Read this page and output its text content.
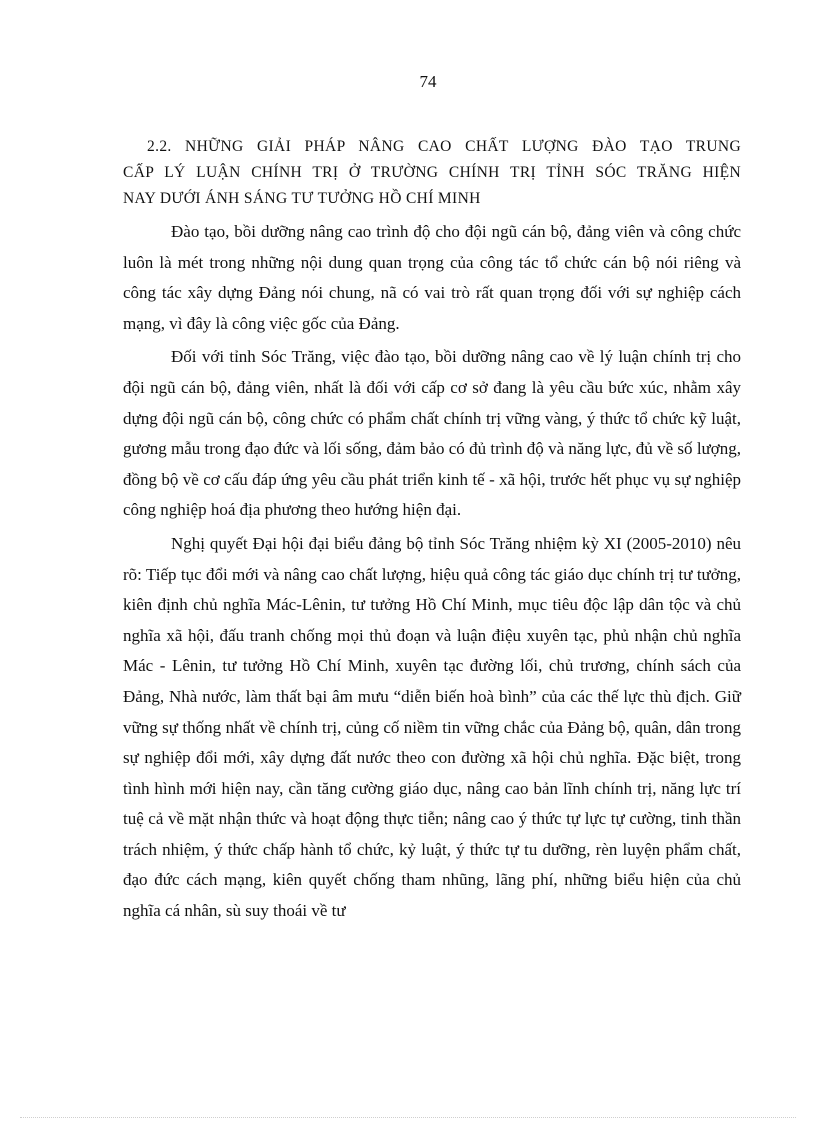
74
2.2. NHỮNG GIẢI PHÁP NÂNG CAO CHẤT LƯỢNG ĐÀO TẠO TRUNG
CẤP LÝ LUẬN CHÍNH TRỊ Ở TRƯỜNG CHÍNH TRỊ TỈNH SÓC TRĂNG HIỆN
NAY DƯỚI ÁNH SÁNG TƯ TƯỞNG HỒ CHÍ MINH

Đào tạo, bồi dưỡng nâng cao trình độ cho đội ngũ cán bộ, đảng viên và công chức luôn là mét trong những nội dung quan trọng của công tác tổ chức cán bộ nói riêng và công tác xây dựng Đảng nói chung, nã có vai trò rất quan trọng đối với sự nghiệp cách mạng, vì đây là công việc gốc của Đảng.

Đối với tỉnh Sóc Trăng, việc đào tạo, bồi dưỡng nâng cao về lý luận chính trị cho đội ngũ cán bộ, đảng viên, nhất là đối với cấp cơ sở đang là yêu cầu bức xúc, nhằm xây dựng đội ngũ cán bộ, công chức có phẩm chất chính trị vững vàng, ý thức tổ chức kỹ luật, gương mẫu trong đạo đức và lối sống, đảm bảo có đủ trình độ và năng lực, đủ về số lượng, đồng bộ về cơ cấu đáp ứng yêu cầu phát triển kinh tế - xã hội, trước hết phục vụ sự nghiệp công nghiệp hoá địa phương theo hướng hiện đại.

Nghị quyết Đại hội đại biểu đảng bộ tỉnh Sóc Trăng nhiệm kỳ XI (2005-2010) nêu rõ: Tiếp tục đổi mới và nâng cao chất lượng, hiệu quả công tác giáo dục chính trị tư tưởng, kiên định chủ nghĩa Mác-Lênin, tư tưởng Hồ Chí Minh, mục tiêu độc lập dân tộc và chủ nghĩa xã hội, đấu tranh chống mọi thủ đoạn và luận điệu xuyên tạc, phủ nhận chủ nghĩa Mác - Lênin, tư tưởng Hồ Chí Minh, xuyên tạc đường lối, chủ trương, chính sách của Đảng, Nhà nước, làm thất bại âm mưu “diễn biến hoà bình” của các thế lực thù địch. Giữ vững sự thống nhất về chính trị, củng cố niềm tin vững chắc của Đảng bộ, quân, dân trong sự nghiệp đổi mới, xây dựng đất nước theo con đường xã hội chủ nghĩa. Đặc biệt, trong tình hình mới hiện nay, cần tăng cường giáo dục, nâng cao bản lĩnh chính trị, năng lực trí tuệ cả về mặt nhận thức và hoạt động thực tiễn; nâng cao ý thức tự lực tự cường, tinh thần trách nhiệm, ý thức chấp hành tổ chức, kỷ luật, ý thức tự tu dưỡng, rèn luyện phẩm chất, đạo đức cách mạng, kiên quyết chống tham nhũng, lãng phí, những biểu hiện của chủ nghĩa cá nhân, sù suy thoái về tư
